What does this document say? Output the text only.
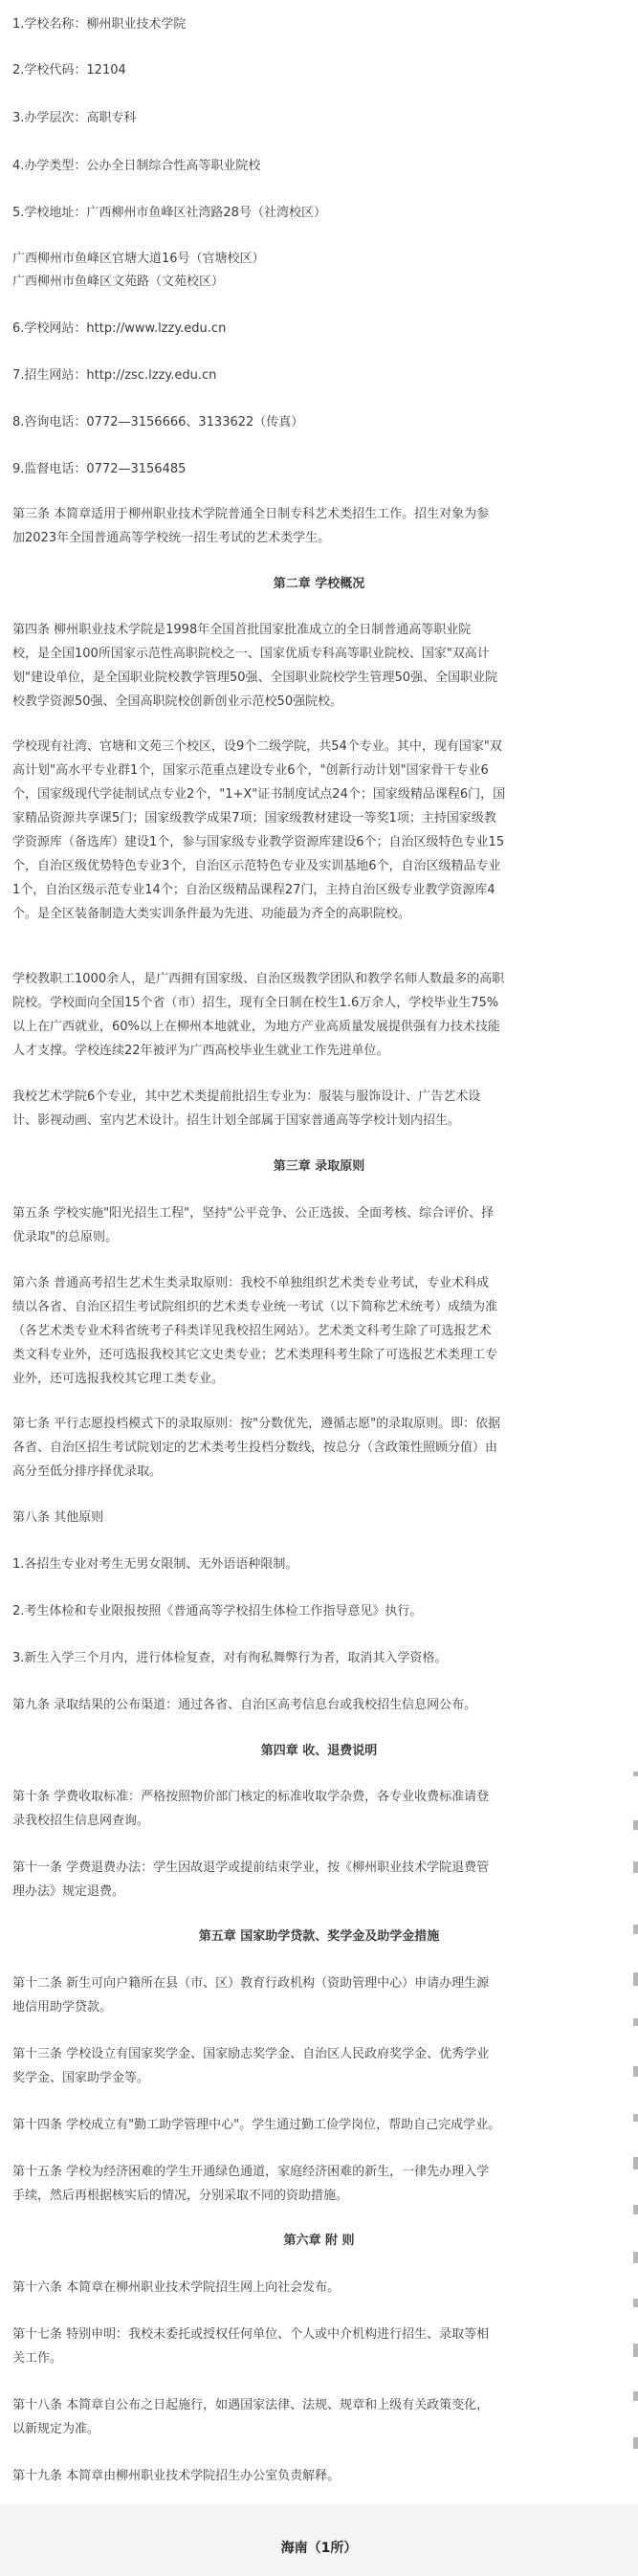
1.学校名称：柳州职业技术学院
2.学校代码：12104
3.办学层次：高职专科
4.办学类型：公办全日制综合性高等职业院校
5.学校地址：广西柳州市鱼峰区社湾路28号（社湾校区）
广西柳州市鱼峰区官塘大道16号（官塘校区）
广西柳州市鱼峰区文苑路（文苑校区）
6.学校网站：http://www.lzzy.edu.cn
7.招生网站：http://zsc.lzzy.edu.cn
8.咨询电话：0772—3156666、3133622（传真）
9.监督电话：0772—3156485

第三条 本简章适用于柳州职业技术学院普通全日制专科艺术类招生工作。招生对象为参

加2023年全国普通高等学校统一招生考试的艺术类学生。

第二章 学校概况

第四条 柳州职业技术学院是1998年全国首批国家批准成立的全日制普通高等职业院

校，是全国100所国家示范性高职院校之一、国家优质专科高等职业院校、国家"双高计

划"建设单位，是全国职业院校教学管理50强、全国职业院校学生管理50强、全国职业院

校教学资源50强、全国高职院校创新创业示范校50强院校。

学校现有社湾、官塘和文苑三个校区，设9个二级学院，共54个专业。其中，现有国家"双

高计划"高水平专业群1个，国家示范重点建设专业6个，"创新行动计划"国家骨干专业6

个，国家级现代学徒制试点专业2个，"1+X"证书制度试点24个；国家级精品课程6门，国

家精品资源共享课5门；国家级教学成果7项；国家级教材建设一等奖1项；主持国家级教

学资源库（备选库）建设1个，参与国家级专业教学资源库建设6个；自治区级特色专业15

个，自治区级优势特色专业3个，自治区示范特色专业及实训基地6个，自治区级精品专业

1个，自治区级示范专业14个；自治区级精品课程27门，主持自治区级专业教学资源库4

个。是全区装备制造大类实训条件最为先进、功能最为齐全的高职院校。

学校教职工1000余人，是广西拥有国家级、自治区级教学团队和教学名师人数最多的高职

院校。学校面向全国15个省（市）招生，现有全日制在校生1.6万余人，学校毕业生75%

以上在广西就业，60%以上在柳州本地就业，为地方产业高质量发展提供强有力技术技能

人才支撑。学校连续22年被评为广西高校毕业生就业工作先进单位。

我校艺术学院6个专业，其中艺术类提前批招生专业为：服装与服饰设计、广告艺术设

计、影视动画、室内艺术设计。招生计划全部属于国家普通高等学校计划内招生。

第三章 录取原则

第五条 学校实施"阳光招生工程"，坚持"公平竞争、公正选拔、全面考核、综合评价、择

优录取"的总原则。

第六条 普通高考招生艺术生类录取原则：我校不单独组织艺术类专业考试，专业术科成

绩以各省、自治区招生考试院组织的艺术类专业统一考试（以下简称艺术统考）成绩为准

（各艺术类专业术科省统考子科类详见我校招生网站）。艺术类文科考生除了可选报艺术

类文科专业外，还可选报我校其它文史类专业；艺术类理科考生除了可选报艺术类理工专

业外，还可选报我校其它理工类专业。

第七条 平行志愿投档模式下的录取原则：按"分数优先，遵循志愿"的录取原则。即：依据

各省、自治区招生考试院划定的艺术类考生投档分数线，按总分（含政策性照顾分值）由

高分至低分排序择优录取。

第八条 其他原则
1.各招生专业对考生无男女限制、无外语语种限制。
2.考生体检和专业限报按照《普通高等学校招生体检工作指导意见》执行。
3.新生入学三个月内，进行体检复查，对有徇私舞弊行为者，取消其入学资格。
第九条 录取结果的公布渠道：通过各省、自治区高考信息台或我校招生信息网公布。
第四章 收、退费说明

第十条 学费收取标准：严格按照物价部门核定的标准收取学杂费，各专业收费标准请登

录我校招生信息网查询。

第十一条 学费退费办法：学生因故退学或提前结束学业，按《柳州职业技术学院退费管

理办法》规定退费。

第五章 国家助学贷款、奖学金及助学金措施

第十二条 新生可向户籍所在县（市、区）教育行政机构（资助管理中心）申请办理生源

地信用助学贷款。

第十三条 学校设立有国家奖学金、国家励志奖学金、自治区人民政府奖学金、优秀学业

奖学金、国家助学金等。

第十四条 学校成立有"勤工助学管理中心"。学生通过勤工俭学岗位，帮助自己完成学业。

第十五条 学校为经济困难的学生开通绿色通道，家庭经济困难的新生，一律先办理入学

手续，然后再根据核实后的情况，分别采取不同的资助措施。

第六章 附 则
第十六条 本简章在柳州职业技术学院招生网上向社会发布。

第十七条 特别申明：我校未委托或授权任何单位、个人或中介机构进行招生、录取等相

关工作。

第十八条 本简章自公布之日起施行，如遇国家法律、法规、规章和上级有关政策变化，

以新规定为准。

第十九条 本简章由柳州职业技术学院招生办公室负责解释。
海南（1所）
